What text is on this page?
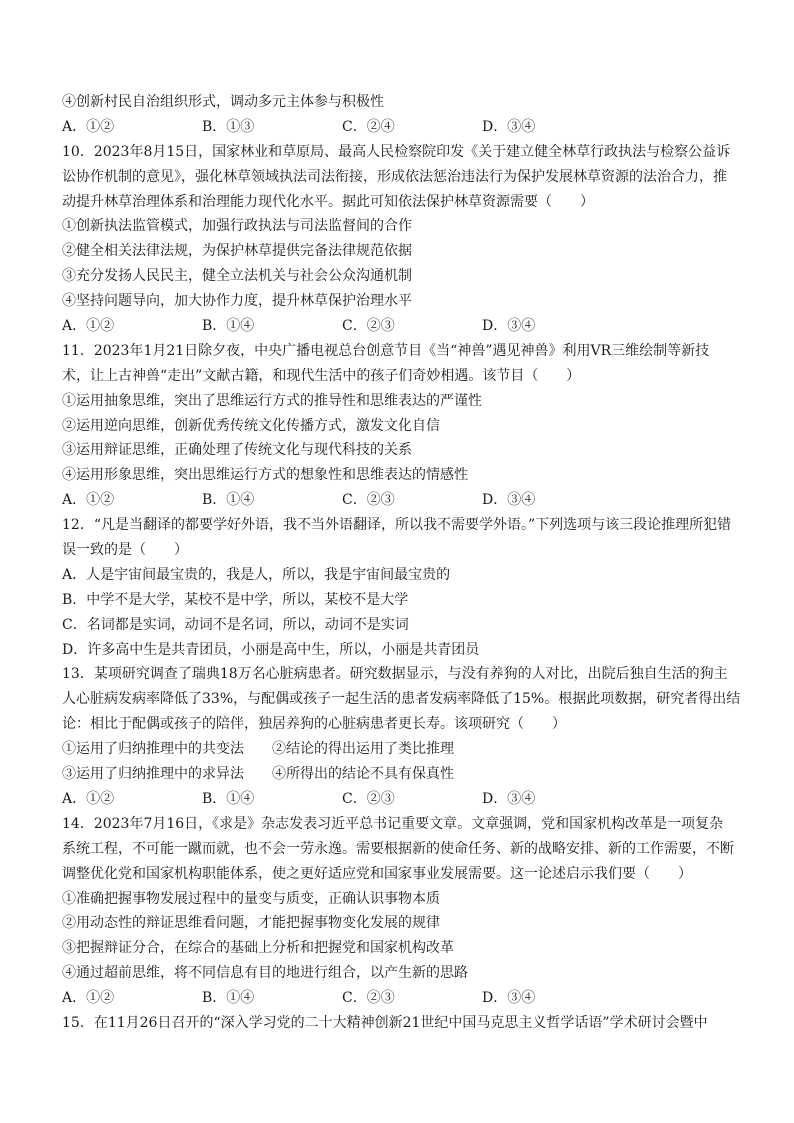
④创新村民自治组织形式，调动多元主体参与积极性
A．①②	B．①③	C．②④	D．③④
10．2023年8月15日，国家林业和草原局、最高人民检察院印发《关于建立健全林草行政执法与检察公益诉
讼协作机制的意见》，强化林草领域执法司法衔接，形成依法惩治违法行为保护发展林草资源的法治合力，推
动提升林草治理体系和治理能力现代化水平。据此可知依法保护林草资源需要（　　）
①创新执法监管模式，加强行政执法与司法监督间的合作
②健全相关法律法规，为保护林草提供完备法律规范依据
③充分发扬人民民主，健全立法机关与社会公众沟通机制
④坚持问题导向，加大协作力度，提升林草保护治理水平
A．①②	B．①④	C．②③	D．③④
11．2023年1月21日除夕夜，中央广播电视总台创意节目《当“神兽”遇见神兽》利用VR三维绘制等新技
术，让上古神兽“走出”文献古籍，和现代生活中的孩子们奇妙相遇。该节目（　　）
①运用抽象思维，突出了思维运行方式的推导性和思维表达的严谨性
②运用逆向思维，创新优秀传统文化传播方式，激发文化自信
③运用辩证思维，正确处理了传统文化与现代科技的关系
④运用形象思维，突出思维运行方式的想象性和思维表达的情感性
A．①②	B．①④	C．②③	D．③④
12．“凡是当翻译的都要学好外语，我不当外语翻译，所以我不需要学外语。”下列选项与该三段论推理所犯错
误一致的是（　　）
A．人是宇宙间最宝贵的，我是人，所以，我是宇宙间最宝贵的
B．中学不是大学，某校不是中学，所以，某校不是大学
C．名词都是实词，动词不是名词，所以，动词不是实词
D．许多高中生是共青团员，小丽是高中生，所以，小丽是共青团员
13．某项研究调查了瑞典18万名心脏病患者。研究数据显示，与没有养狗的人对比，出院后独自生活的狗主
人心脏病发病率降低了33%，与配偶或孩子一起生活的患者发病率降低了15%。根据此项数据，研究者得出结
论：相比于配偶或孩子的陪伴，独居养狗的心脏病患者更长寿。该项研究（　　）
①运用了归纳推理中的共变法 ②结论的得出运用了类比推理
③运用了归纳推理中的求异法 ④所得出的结论不具有保真性
A．①②	B．①④	C．②③	D．③④
14．2023年7月16日，《求是》杂志发表习近平总书记重要文章。文章强调，党和国家机构改革是一项复杂
系统工程，不可能一蹴而就，也不会一劳永逸。需要根据新的使命任务、新的战略安排、新的工作需要，不断
调整优化党和国家机构职能体系，使之更好适应党和国家事业发展需要。这一论述启示我们要（　　）
①准确把握事物发展过程中的量变与质变，正确认识事物本质
②用动态性的辩证思维看问题，才能把握事物变化发展的规律
③把握辩证分合，在综合的基础上分析和把握党和国家机构改革
④通过超前思维，将不同信息有目的地进行组合，以产生新的思路
A．①②	B．①④	C．②③	D．③④
15．在11月26日召开的“深入学习党的二十大精神创新21世纪中国马克思主义哲学话语”学术研讨会暨中
